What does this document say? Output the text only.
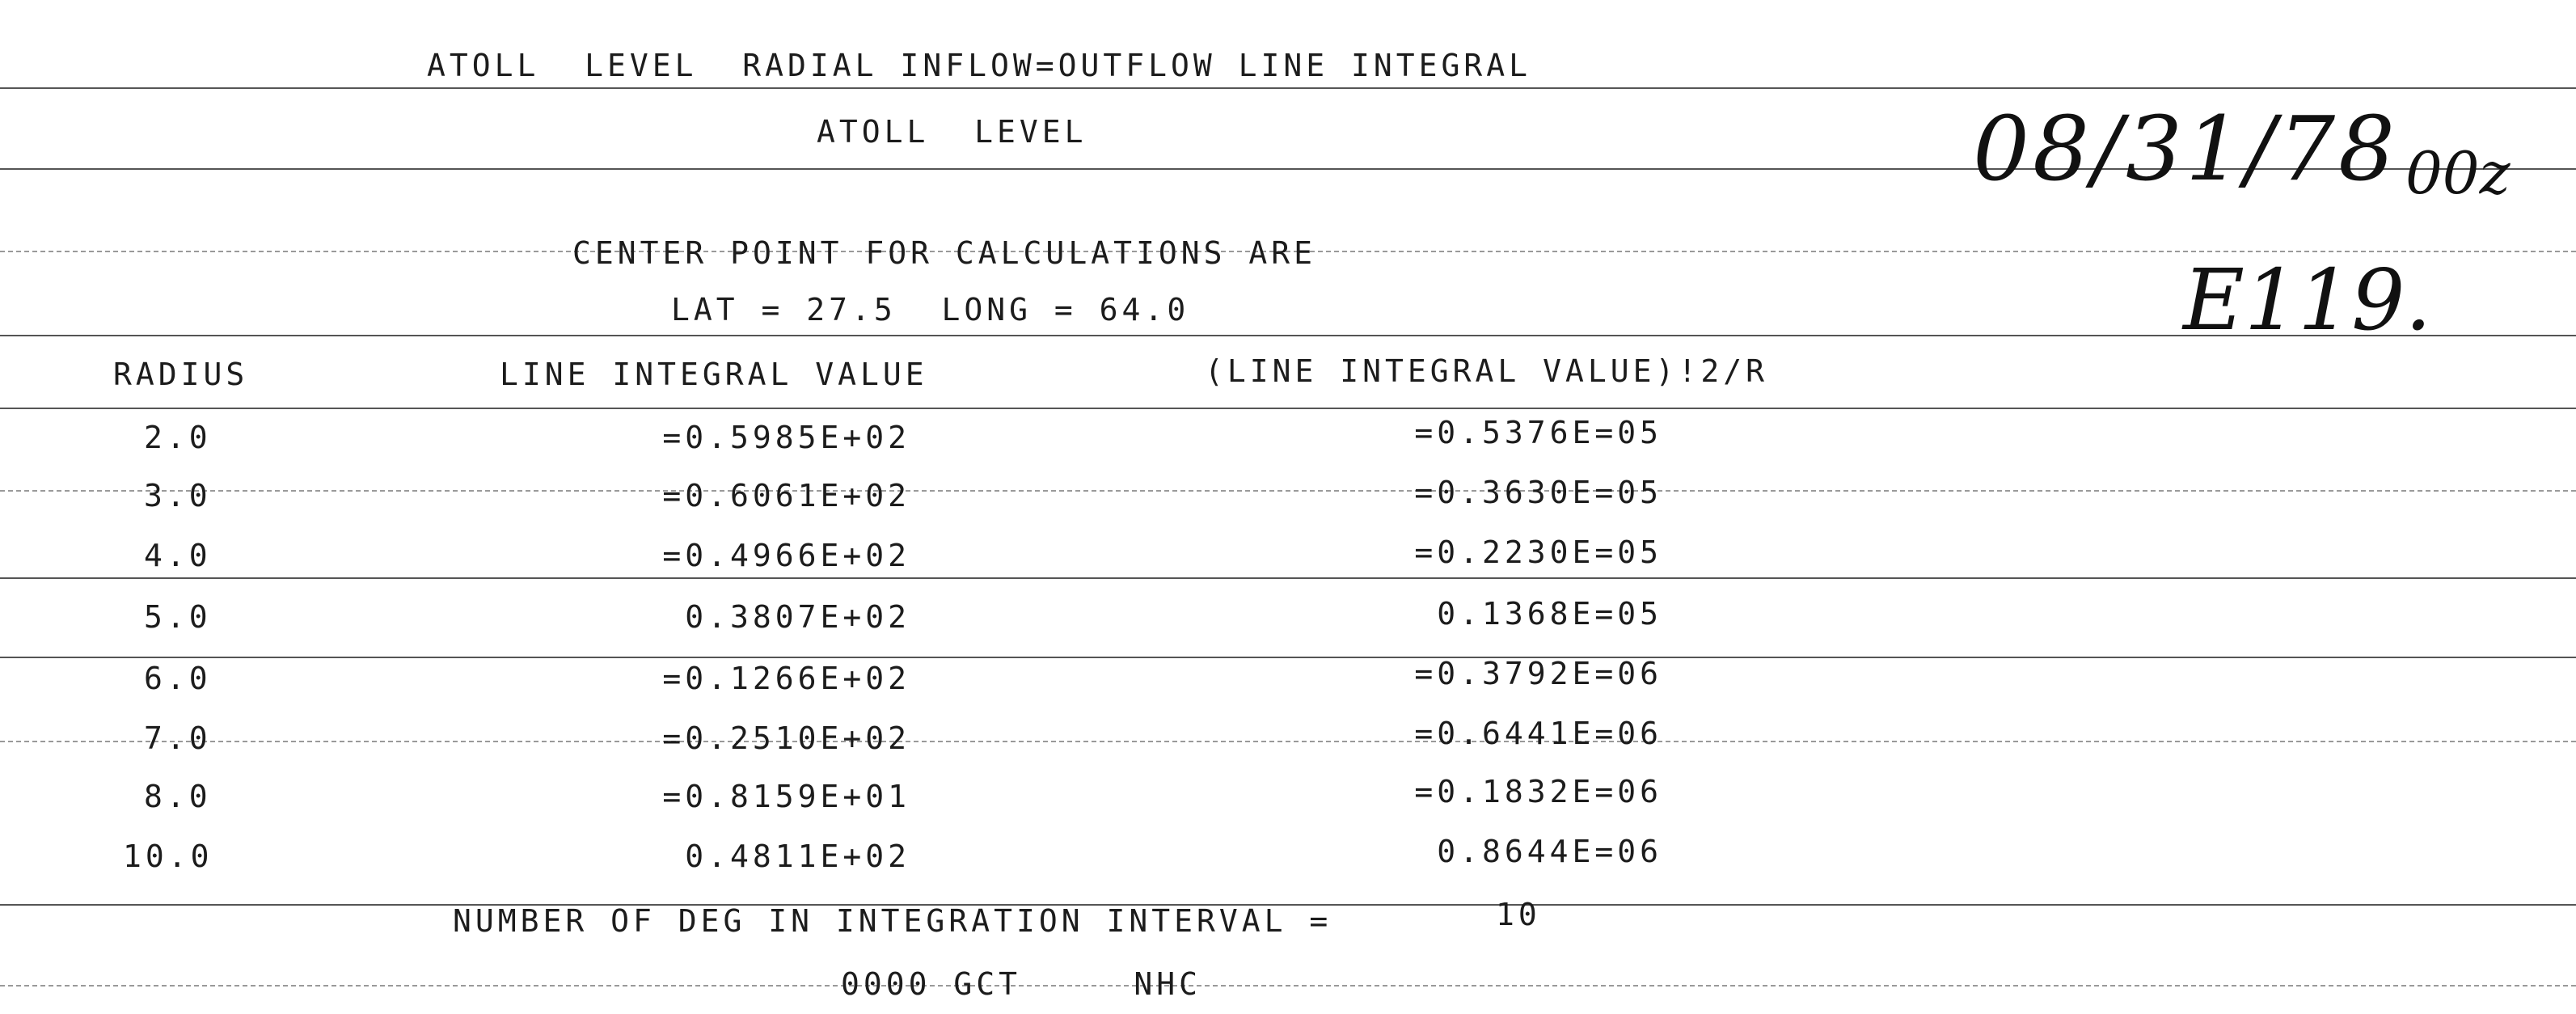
ATOLL  LEVEL  RADIAL INFLOW=OUTFLOW LINE INTEGRAL
ATOLL  LEVEL
CENTER POINT FOR CALCULATIONS ARE
LAT = 27.5  LONG = 64.0
08/31/78 00z
E119.
RADIUS	LINE INTEGRAL VALUE	(LINE INTEGRAL VALUE)!2/R
2.0	=0.5985E+02	=0.5376E=05
3.0	=0.6061E+02	=0.3630E=05
4.0	=0.4966E+02	=0.2230E=05
5.0	0.3807E+02	0.1368E=05
6.0	=0.1266E+02	=0.3792E=06
7.0	=0.2510E+02	=0.6441E=06
8.0	=0.8159E+01	=0.1832E=06
10.0	0.4811E+02	0.8644E=06
NUMBER OF DEG IN INTEGRATION INTERVAL =	10
0000 GCT     NHC
